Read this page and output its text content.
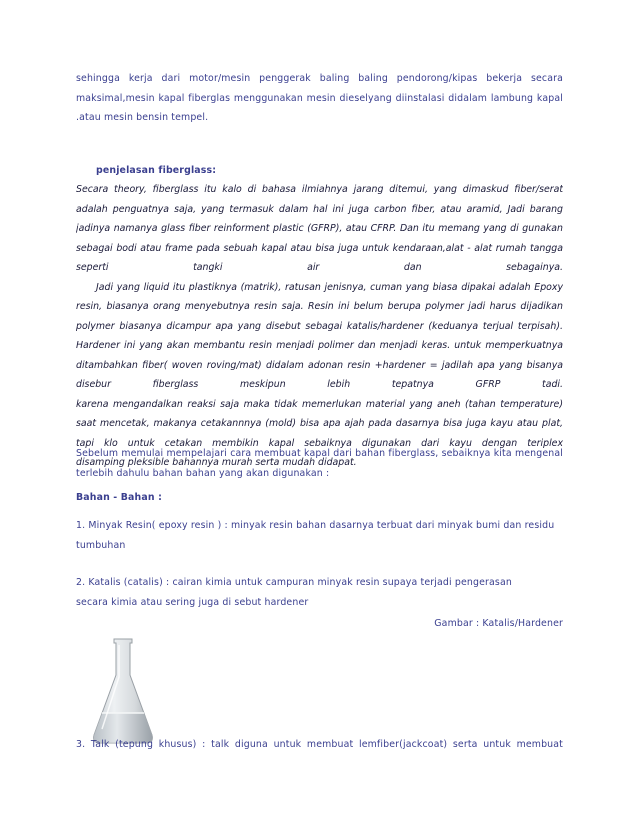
sehingga kerja dari motor/mesin penggerak baling baling pendorong/kipas bekerja secara
maksimal,mesin kapal fiberglas menggunakan mesin dieselyang diinstalasi didalam lambung kapal
.atau mesin bensin tempel.
penjelasan fiberglass:
Secara theory, fiberglass itu kalo di bahasa ilmiahnya jarang ditemui, yang dimaskud fiber/serat
adalah penguatnya saja, yang termasuk dalam hal ini juga carbon fiber, atau aramid, Jadi barang
jadinya namanya glass fiber reinforment plastic (GFRP), atau CFRP. Dan itu memang yang di gunakan
sebagai bodi atau frame pada sebuah kapal atau bisa juga untuk kendaraan,alat - alat rumah tangga
seperti tangki air dan sebagainya.
Jadi yang liquid itu plastiknya (matrik), ratusan jenisnya, cuman yang biasa dipakai adalah Epoxy
resin, biasanya orang menyebutnya resin saja. Resin ini belum berupa polymer jadi harus dijadikan
polymer biasanya dicampur apa yang disebut sebagai katalis/hardener (keduanya terjual terpisah).
Hardener ini yang akan membantu resin menjadi polimer dan menjadi keras. untuk memperkuatnya
ditambahkan fiber( woven roving/mat) didalam adonan resin +hardener = jadilah apa yang bisanya
disebur fiberglass meskipun lebih tepatnya GFRP tadi.
karena mengandalkan reaksi saja maka tidak memerlukan material yang aneh (tahan temperature)
saat mencetak, makanya cetakannnya (mold) bisa apa ajah pada dasarnya bisa juga kayu atau plat,
tapi klo untuk cetakan membikin kapal sebaiknya digunakan dari kayu dengan teriplex
disamping pleksible bahannya murah serta mudah didapat.
Sebelum memulai mempelajari cara membuat kapal dari bahan fiberglass, sebaiknya kita mengenal
terlebih dahulu bahan bahan yang akan digunakan :
Bahan - Bahan :
1. Minyak Resin( epoxy resin ) : minyak resin bahan dasarnya terbuat dari minyak bumi dan residu
tumbuhan
2. Katalis (catalis) : cairan kimia untuk campuran minyak resin supaya terjadi pengerasan
secara kimia atau sering juga di sebut hardener
Gambar : Katalis/Hardener
3. Talk (tepung khusus) : talk diguna untuk membuat lemfiber(jackcoat) serta untuk membuat
